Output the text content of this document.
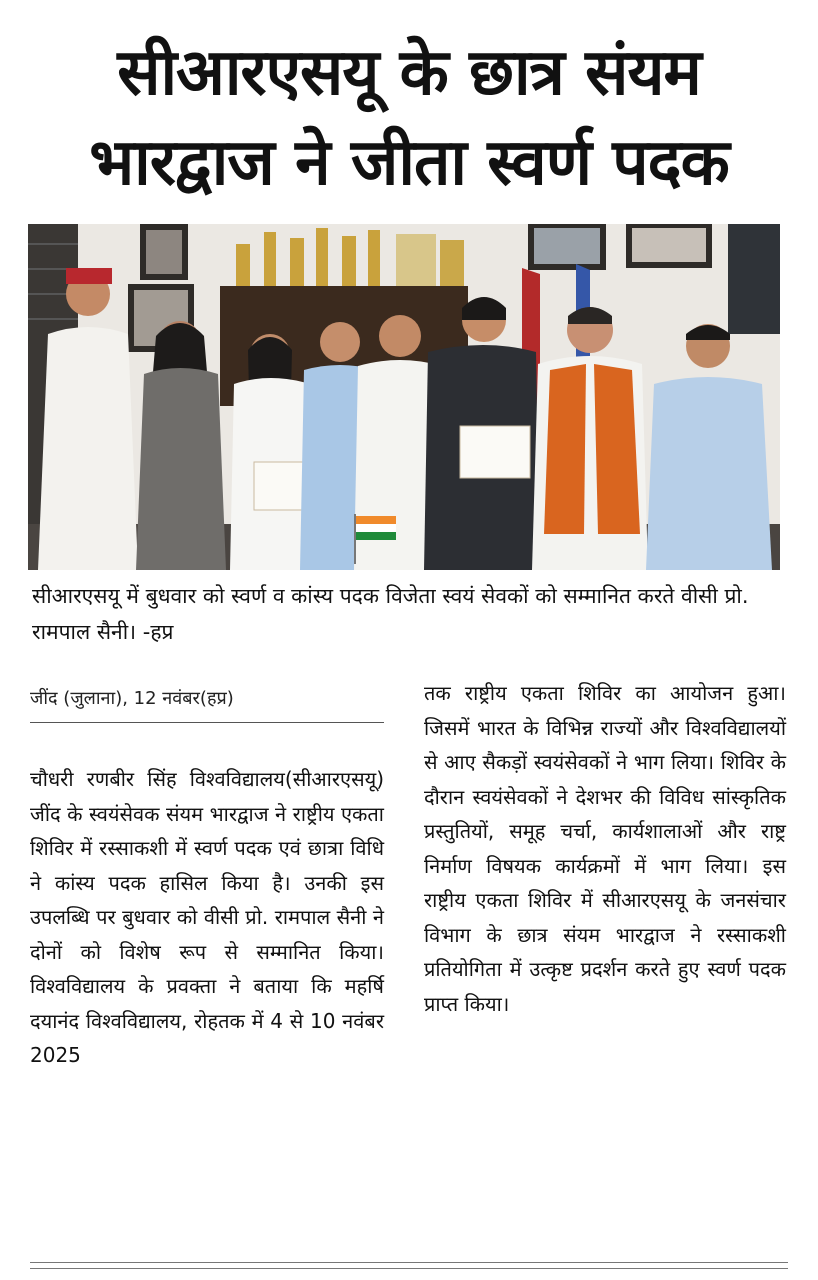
सीआरएसयू के छात्र संयम
भारद्वाज ने जीता स्वर्ण पदक
सीआरएसयू में बुधवार को स्वर्ण व कांस्य पदक विजेता स्वयं सेवकों को सम्मानित करते वीसी प्रो. रामपाल सैनी। -हप्र
जींद (जुलाना), 12 नवंबर(हप्र)
चौधरी रणबीर सिंह विश्वविद्यालय(सीआरएसयू) जींद के स्वयंसेवक संयम भारद्वाज ने राष्ट्रीय एकता शिविर में रस्साकशी में स्वर्ण पदक एवं छात्रा विधि ने कांस्य पदक हासिल किया है। उनकी इस उपलब्धि पर बुधवार को वीसी प्रो. रामपाल सैनी ने दोनों को विशेष रूप से सम्मानित किया। विश्वविद्यालय के प्रवक्ता ने बताया कि महर्षि दयानंद विश्वविद्यालय, रोहतक में 4 से 10 नवंबर 2025
तक राष्ट्रीय एकता शिविर का आयोजन हुआ। जिसमें भारत के विभिन्न राज्यों और विश्वविद्यालयों से आए सैकड़ों स्वयंसेवकों ने भाग लिया। शिविर के दौरान स्वयंसेवकों ने देशभर की विविध सांस्कृतिक प्रस्तुतियों, समूह चर्चा, कार्यशालाओं और राष्ट्र निर्माण विषयक कार्यक्रमों में भाग लिया। इस राष्ट्रीय एकता शिविर में सीआरएसयू के जनसंचार विभाग के छात्र संयम भारद्वाज ने रस्साकशी प्रतियोगिता में उत्कृष्ट प्रदर्शन करते हुए स्वर्ण पदक प्राप्त किया।
